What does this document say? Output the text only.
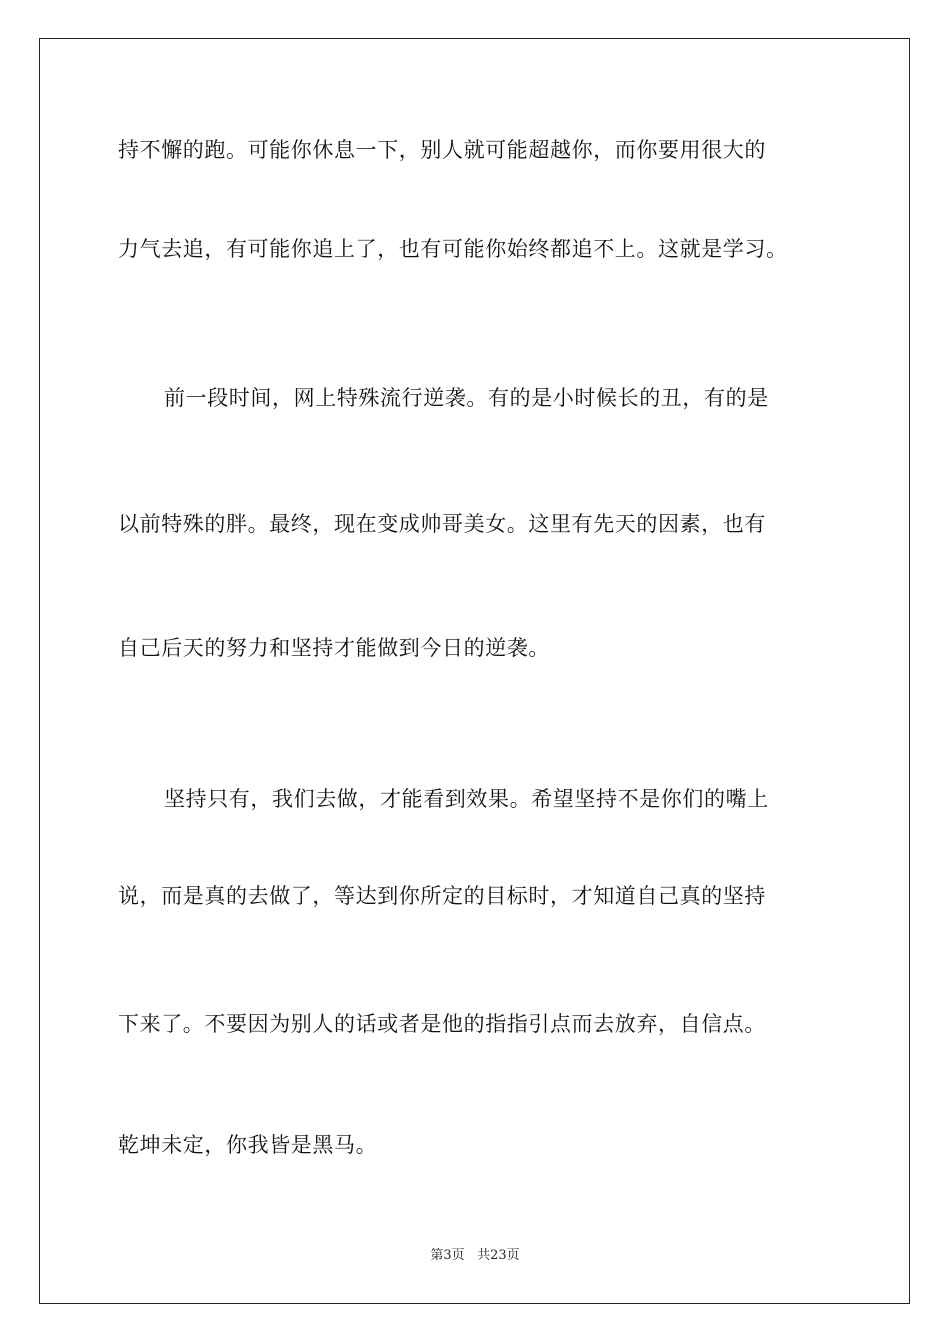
持不懈的跑。可能你休息一下，别人就可能超越你，而你要用很大的
力气去追，有可能你追上了，也有可能你始终都追不上。这就是学习。
前一段时间，网上特殊流行逆袭。有的是小时候长的丑，有的是
以前特殊的胖。最终，现在变成帅哥美女。这里有先天的因素，也有
自己后天的努力和坚持才能做到今日的逆袭。
坚持只有，我们去做，才能看到效果。希望坚持不是你们的嘴上
说，而是真的去做了，等达到你所定的目标时，才知道自己真的坚持
下来了。不要因为别人的话或者是他的指指引点而去放弃，自信点。
乾坤未定，你我皆是黑马。
第3页 共23页
